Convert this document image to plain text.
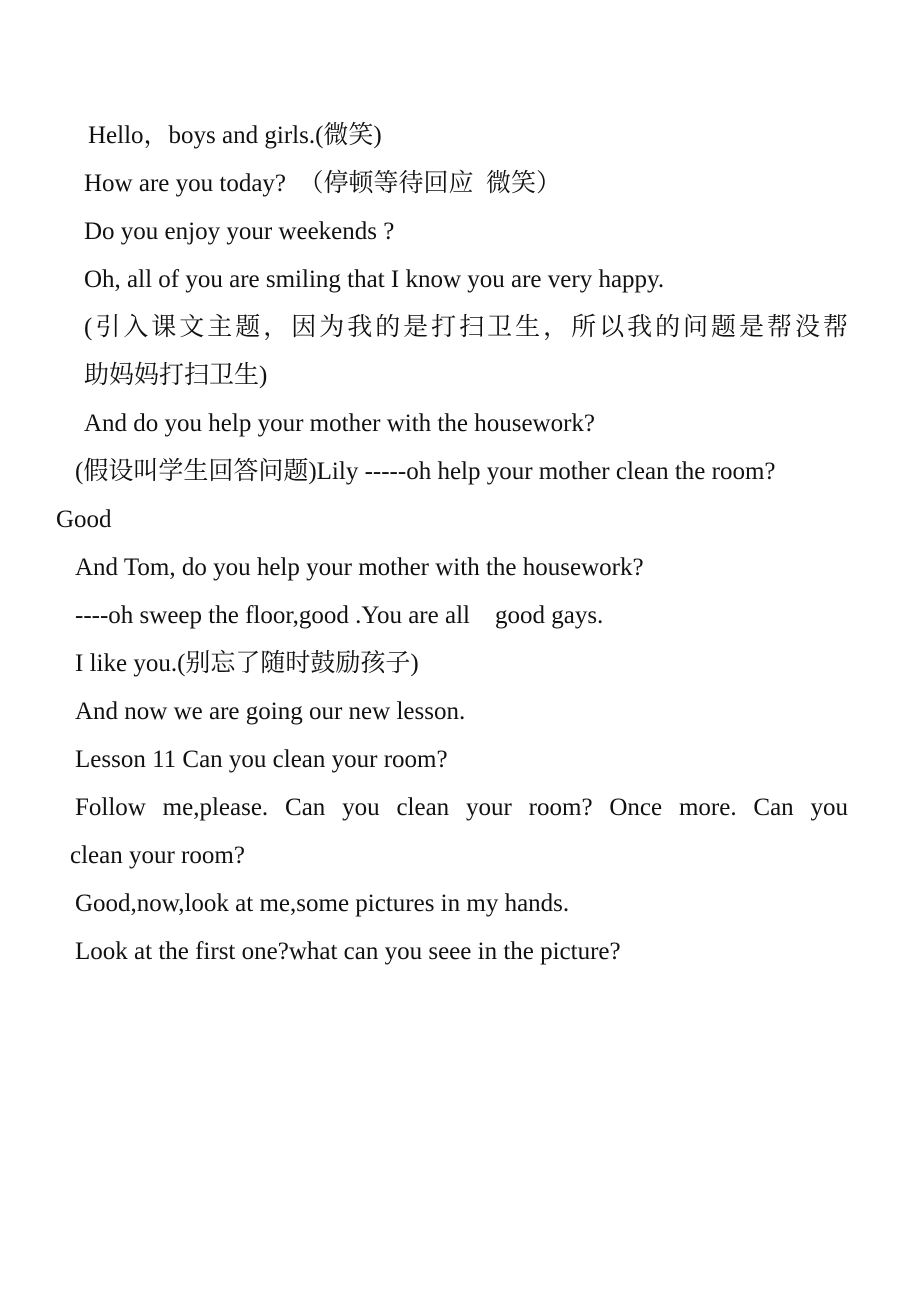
Hello，boys and girls.(微笑)
How are you today?  （停顿等待回应  微笑）
Do you enjoy your weekends ?
Oh, all of you are smiling that I know you are very happy.
(引入课文主题，因为我的是打扫卫生，所以我的问题是帮没帮
助妈妈打扫卫生)
And do you help your mother with the housework?
(假设叫学生回答问题)Lily -----oh help your mother clean the room?
Good
And Tom, do you help your mother with the housework?
----oh sweep the floor,good .You are all    good gays.
I like you.(别忘了随时鼓励孩子)
And now we are going our new lesson.
Lesson 11 Can you clean your room?
Follow me,please. Can you clean your room? Once more. Can you
clean your room?
Good,now,look at me,some pictures in my hands.
Look at the first one?what can you seee in the picture?
